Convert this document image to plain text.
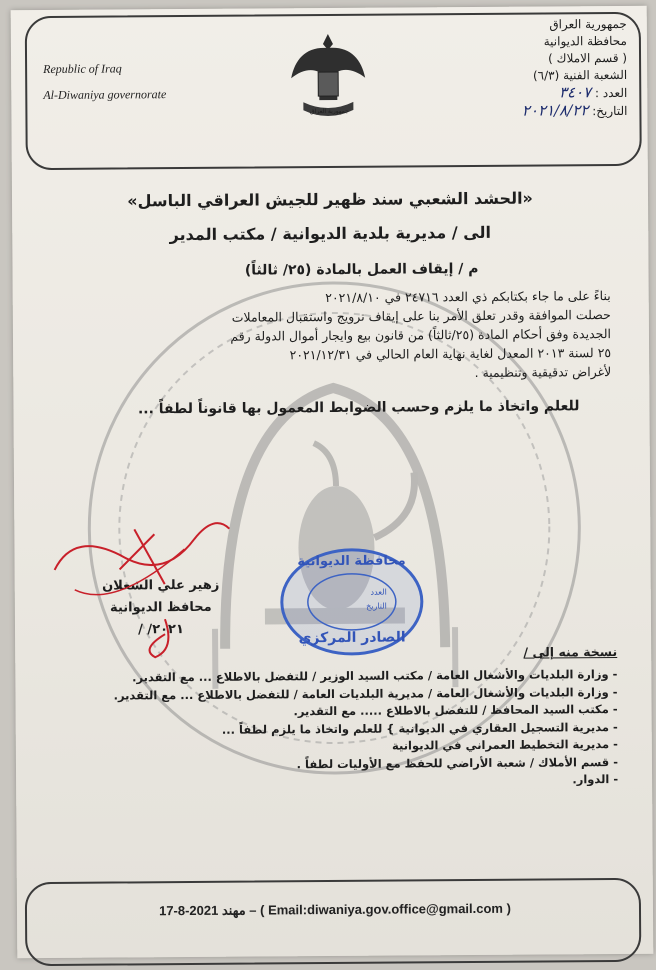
Republic of Iraq
Al-Diwaniya governorate
جمهورية العراق
جمهورية العراق
محافظة الديوانية
( قسم الاملاك )
الشعبة الفنية (٦/٣)
العدد : ٣٤٠٧
التاريخ: ٢٠٢١/٨/٢٢
«الحشد الشعبي سند ظهير للجيش العراقي الباسل»
الى / مديرية بلدية الديوانية / مكتب المدير
م / إيقاف العمل بالمادة (٢٥/ ثالثاً)
بناءً على ما جاء بكتابكم ذي العدد ٢٤٧١٦ في ٢٠٢١/٨/١٠
حصلت الموافقة وقدر تعلق الأمر بنا على إيقاف ترويج واستقبال المعاملات
الجديدة وفق أحكام المادة (٢٥/ثالثاً) من قانون بيع وايجار أموال الدولة رقم
٢٥ لسنة ٢٠١٣ المعدل لغاية نهاية العام الحالي في ٢٠٢١/١٢/٣١
لأغراض تدقيقية وتنظيمية .
للعلم واتخاذ ما يلزم وحسب الضوابط المعمول بها قانوناً لطفاً ...
زهير علي الشعلان
محافظ الديوانية
٢٠٢١/ /
محافظة الديوانية
العدد
التاريخ
الصادر المركزي
نسخة منه إلى /
- وزارة البلديات والأشغال العامة / مكتب السيد الوزير / للتفضل بالاطلاع ... مع التقدير.
- وزارة البلديات والأشغال العامة / مديرية البلديات العامة / للتفضل بالاطلاع ... مع التقدير.
- مكتب السيد المحافظ / للتفضل بالاطلاع ..... مع التقدير.
- مديرية التسجيل العقاري في الديوانية } للعلم واتخاذ ما يلزم لطفاً ...
- مديرية التخطيط العمراني في الديوانية
- قسم الأملاك / شعبة الأراضي للحفظ مع الأوليات لطفاً .
- الدوار.
17-8-2021 مهند – ( Email:diwaniya.gov.office@gmail.com )
